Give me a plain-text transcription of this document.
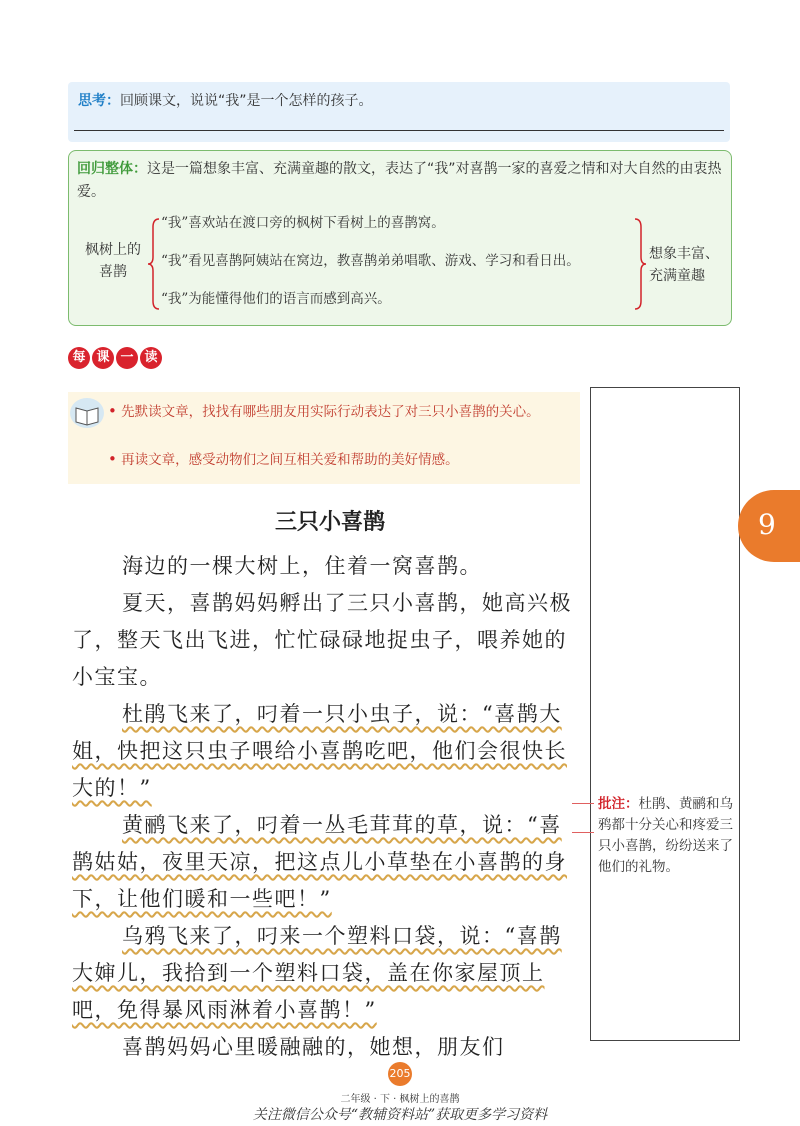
思考： 回顾课文，说说“我”是一个怎样的孩子。
回归整体：这是一篇想象丰富、充满童趣的散文，表达了“我”对喜鹊一家的喜爱之情和对大自然的由衷热爱。
枫树上的喜鹊
“我”喜欢站在渡口旁的枫树下看树上的喜鹊窝。
“我”看见喜鹊阿姨站在窝边，教喜鹊弟弟唱歌、游戏、学习和看日出。
“我”为能懂得他们的语言而感到高兴。
想象丰富、充满童趣
每 课 一 读
• 先默读文章，找找有哪些朋友用实际行动表达了对三只小喜鹊的关心。
• 再读文章，感受动物们之间互相关爱和帮助的美好情感。
批注：杜鹃、黄鹂和乌鸦都十分关心和疼爱三只小喜鹊，纷纷送来了他们的礼物。
9
三只小喜鹊
海边的一棵大树上，住着一窝喜鹊。
夏天，喜鹊妈妈孵出了三只小喜鹊，她高兴极了，整天飞出飞进，忙忙碌碌地捉虫子，喂养她的小宝宝。
杜鹃飞来了，叼着一只小虫子，说：“喜鹊大姐，快把这只虫子喂给小喜鹊吃吧，他们会很快长大的！”
黄鹂飞来了，叼着一丛毛茸茸的草，说：“喜鹊姑姑，夜里天凉，把这点儿小草垫在小喜鹊的身下，让他们暖和一些吧！”
乌鸦飞来了，叼来一个塑料口袋，说：“喜鹊大婶儿，我拾到一个塑料口袋，盖在你家屋顶上吧，免得暴风雨淋着小喜鹊！”
喜鹊妈妈心里暖融融的，她想，朋友们
205
二年级 · 下 · 枫树上的喜鹊
关注微信公众号“教辅资料站”获取更多学习资料
